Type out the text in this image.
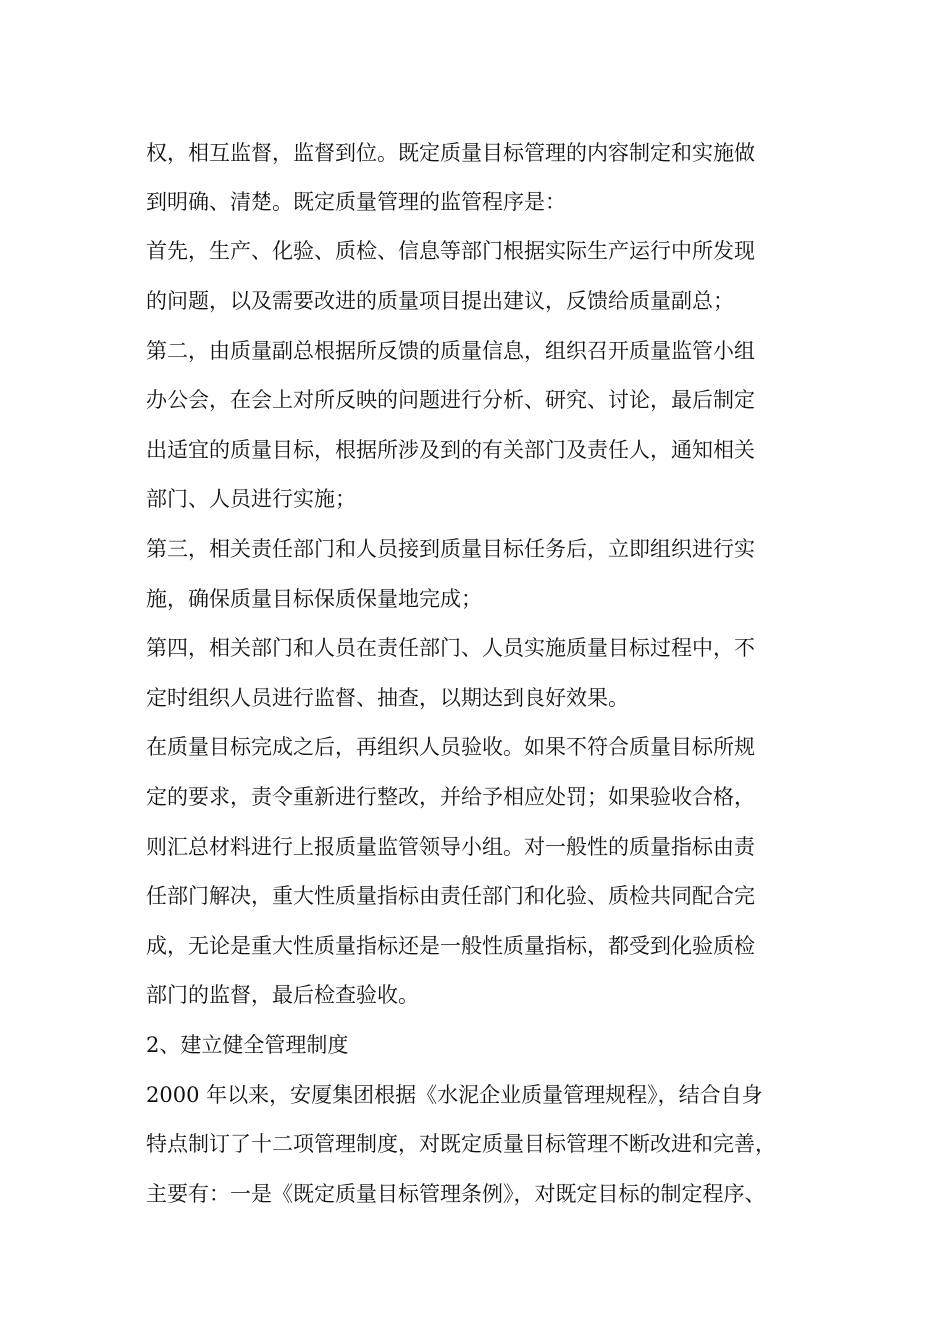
权，相互监督，监督到位。既定质量目标管理的内容制定和实施做
到明确、清楚。既定质量管理的监管程序是：
首先，生产、化验、质检、信息等部门根据实际生产运行中所发现
的问题，以及需要改进的质量项目提出建议，反馈给质量副总；
第二，由质量副总根据所反馈的质量信息，组织召开质量监管小组
办公会，在会上对所反映的问题进行分析、研究、讨论，最后制定
出适宜的质量目标，根据所涉及到的有关部门及责任人，通知相关
部门、人员进行实施；
第三，相关责任部门和人员接到质量目标任务后，立即组织进行实
施，确保质量目标保质保量地完成；
第四，相关部门和人员在责任部门、人员实施质量目标过程中，不
定时组织人员进行监督、抽查，以期达到良好效果。
在质量目标完成之后，再组织人员验收。如果不符合质量目标所规
定的要求，责令重新进行整改，并给予相应处罚；如果验收合格，
则汇总材料进行上报质量监管领导小组。对一般性的质量指标由责
任部门解决，重大性质量指标由责任部门和化验、质检共同配合完
成，无论是重大性质量指标还是一般性质量指标，都受到化验质检
部门的监督，最后检查验收。
2、建立健全管理制度
2000 年以来，安厦集团根据《水泥企业质量管理规程》，结合自身
特点制订了十二项管理制度，对既定质量目标管理不断改进和完善，
主要有：一是《既定质量目标管理条例》，对既定目标的制定程序、
